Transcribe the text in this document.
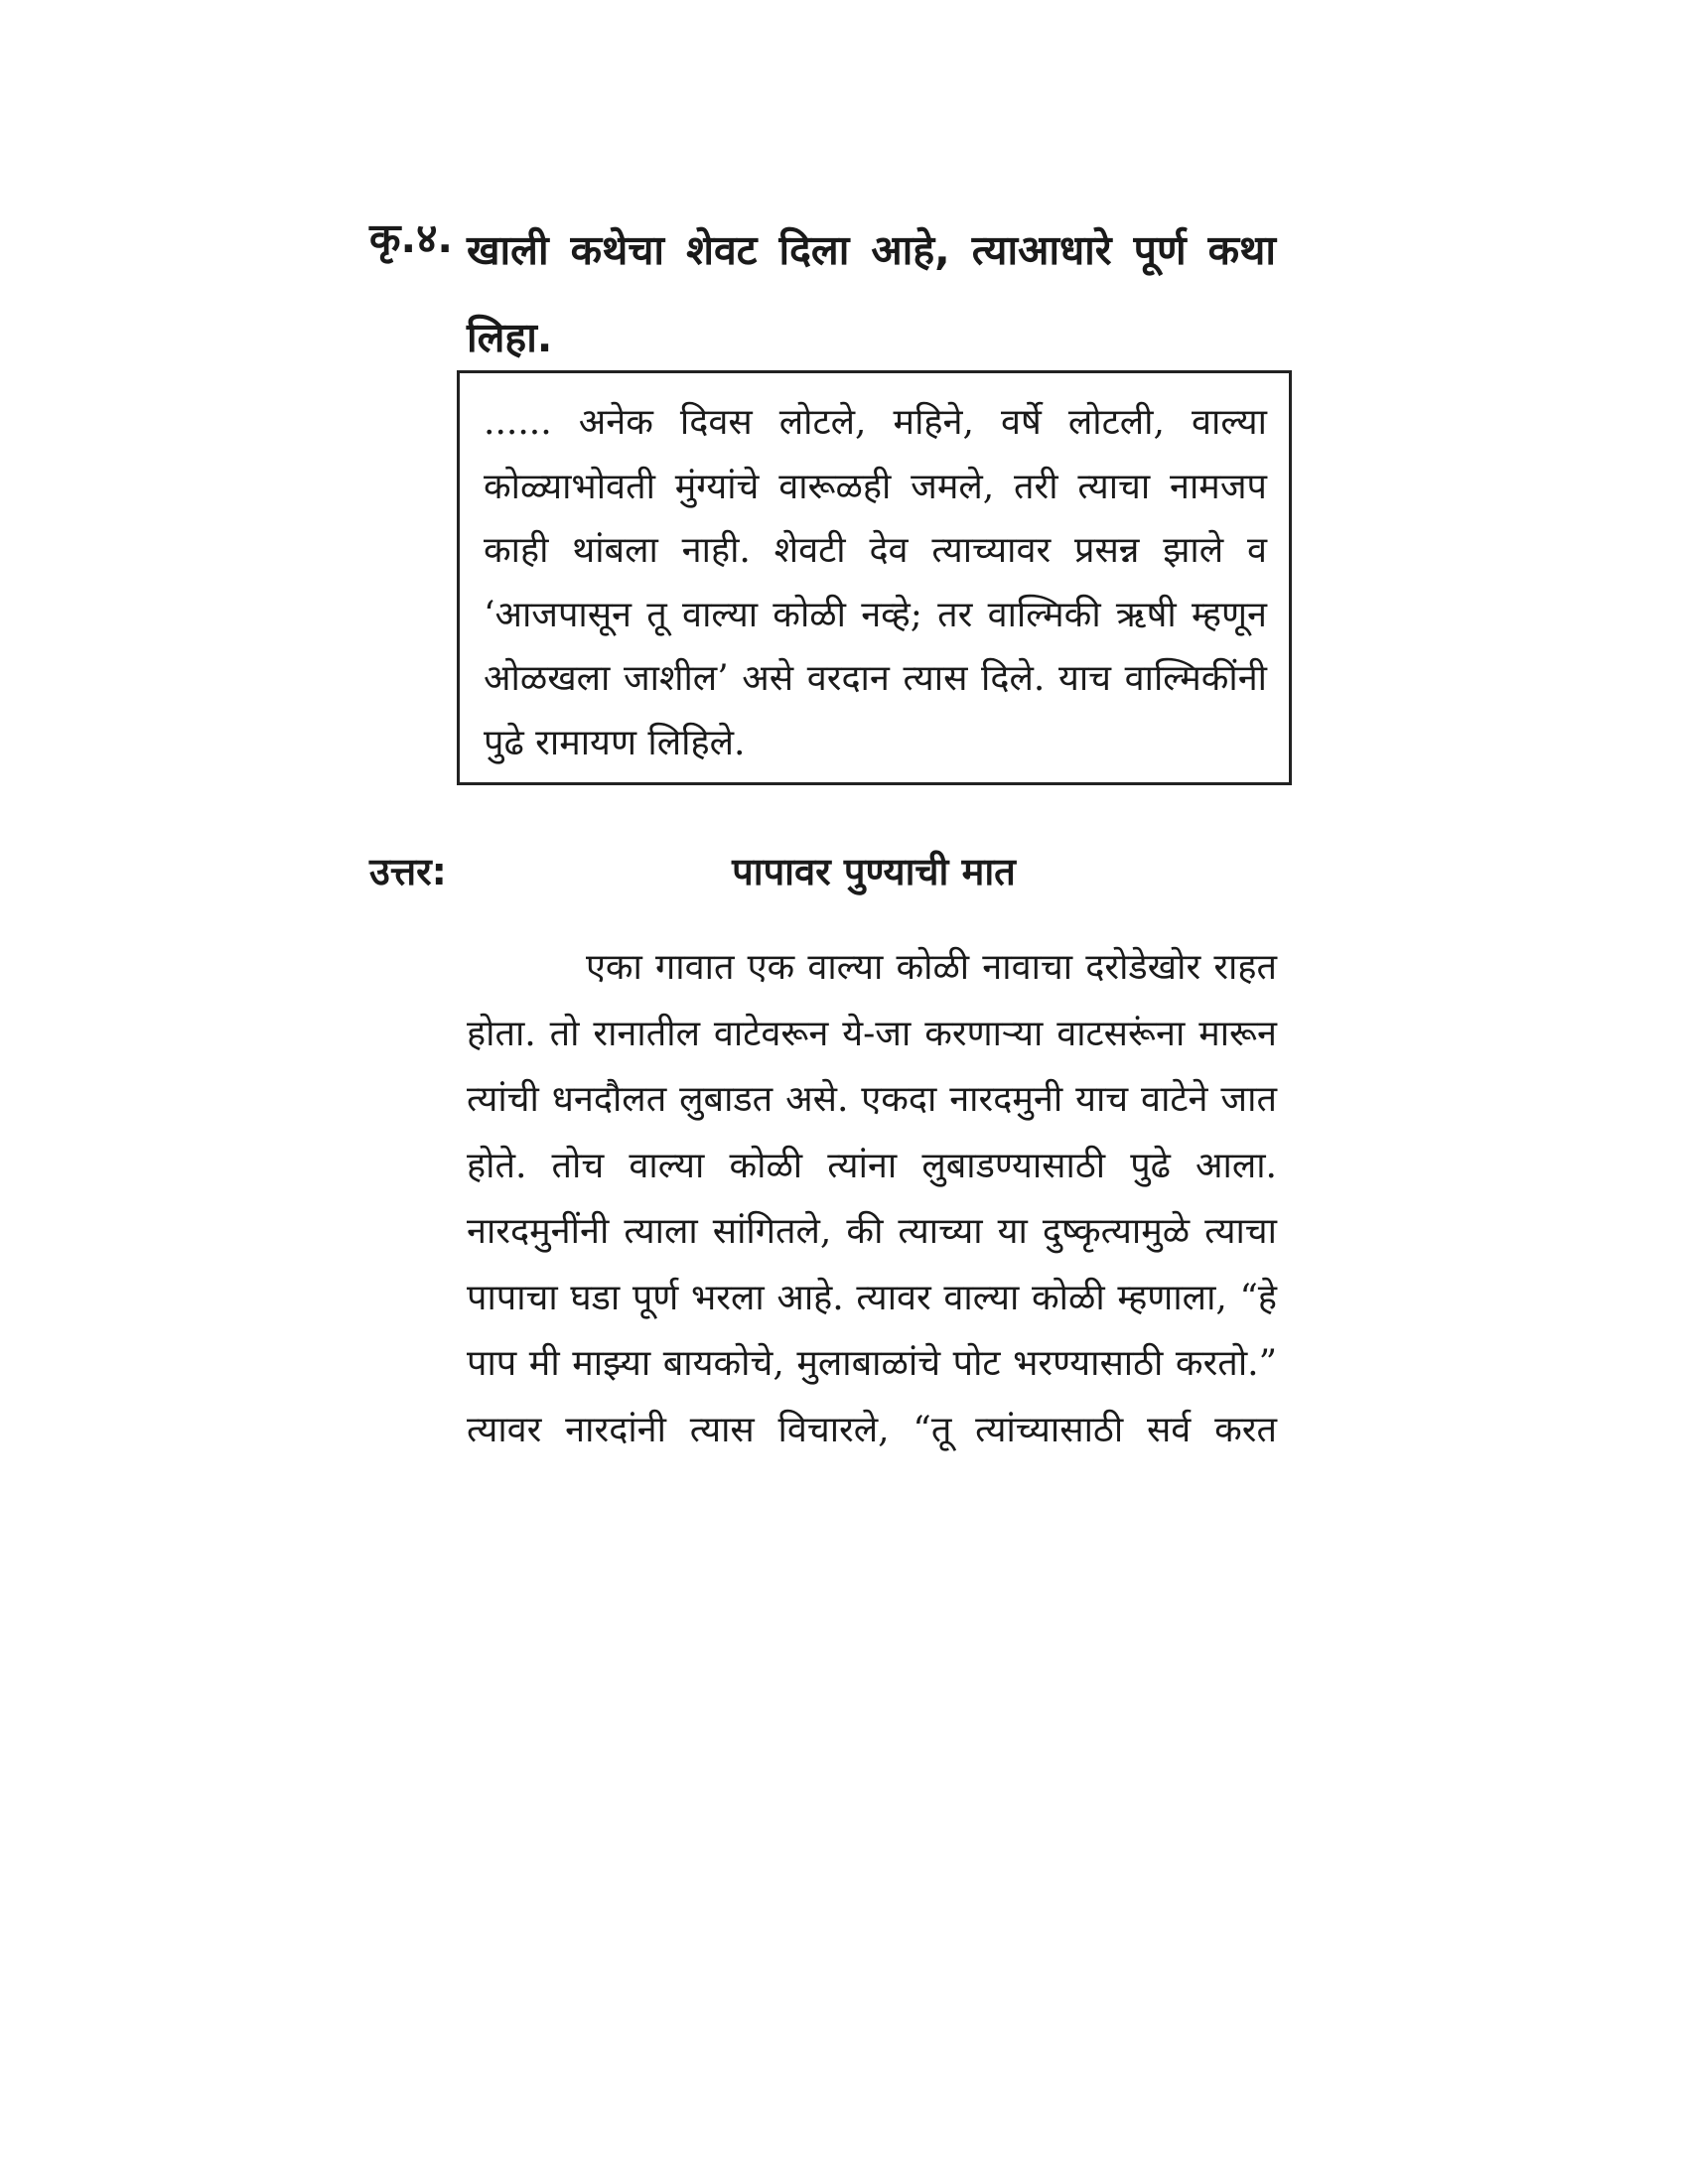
कृ.४. खाली कथेचा शेवट दिला आहे, त्याआधारे पूर्ण कथा लिहा.

...... अनेक दिवस लोटले, महिने, वर्षे लोटली, वाल्या कोळ्याभोवती मुंग्यांचे वारूळही जमले, तरी त्याचा नामजप काही थांबला नाही. शेवटी देव त्याच्यावर प्रसन्न झाले व ‘आजपासून तू वाल्या कोळी नव्हे; तर वाल्मिकी ऋषी म्हणून ओळखला जाशील’ असे वरदान त्यास दिले. याच वाल्मिकींनी पुढे रामायण लिहिले.

उत्तर:	पापावर पुण्याची मात

एका गावात एक वाल्या कोळी नावाचा दरोडेखोर राहत होता. तो रानातील वाटेवरून ये-जा करणाऱ्या वाटसरूंना मारून त्यांची धनदौलत लुबाडत असे. एकदा नारदमुनी याच वाटेने जात होते. तोच वाल्या कोळी त्यांना लुबाडण्यासाठी पुढे आला. नारदमुनींनी त्याला सांगितले, की त्याच्या या दुष्कृत्यामुळे त्याचा पापाचा घडा पूर्ण भरला आहे. त्यावर वाल्या कोळी म्हणाला, “हे पाप मी माझ्या बायकोचे, मुलाबाळांचे पोट भरण्यासाठी करतो.” त्यावर नारदांनी त्यास विचारले, “तू त्यांच्यासाठी सर्व करत
